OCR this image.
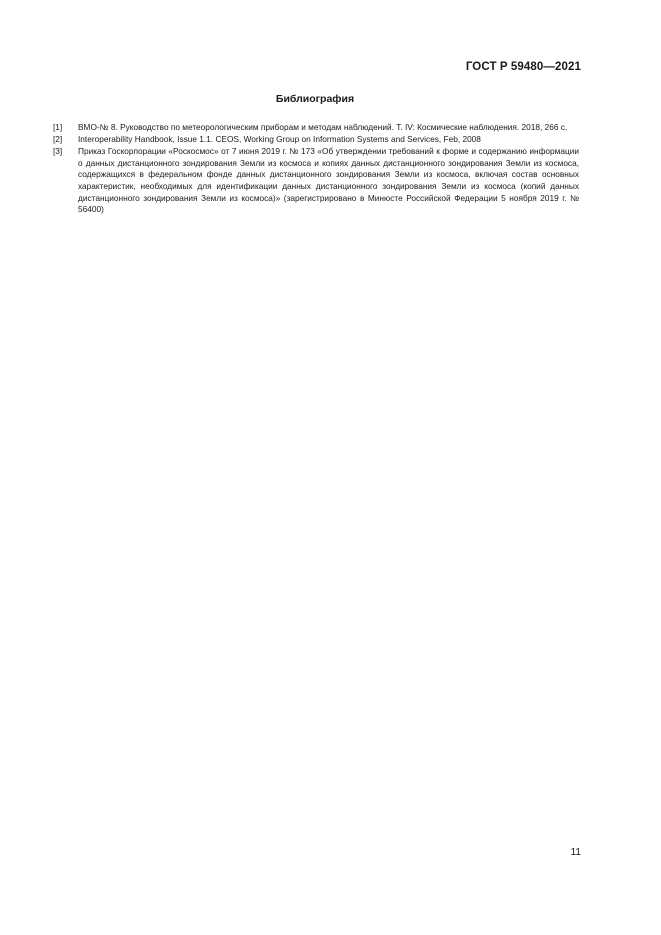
ГОСТ Р 59480—2021
Библиография
[1]	ВМО-№ 8. Руководство по метеорологическим приборам и методам наблюдений. Т. IV: Космические наблюдения. 2018, 266 с.
[2]	Interoperability Handbook, Issue 1.1. CEOS, Working Group on Information Systems and Services, Feb, 2008
[3]	Приказ Госкорпорации «Роскосмос» от 7 июня 2019 г. № 173 «Об утверждении требований к форме и содержанию информации о данных дистанционного зондирования Земли из космоса и копиях данных дистанционного зондирования Земли из космоса, содержащихся в федеральном фонде данных дистанционного зондирования Земли из космоса, включая состав основных характеристик, необходимых для идентификации данных дистанционного зондирования Земли из космоса (копий данных дистанционного зондирования Земли из космоса)» (зарегистрировано в Минюсте Российской Федерации 5 ноября 2019 г. № 56400)
11
